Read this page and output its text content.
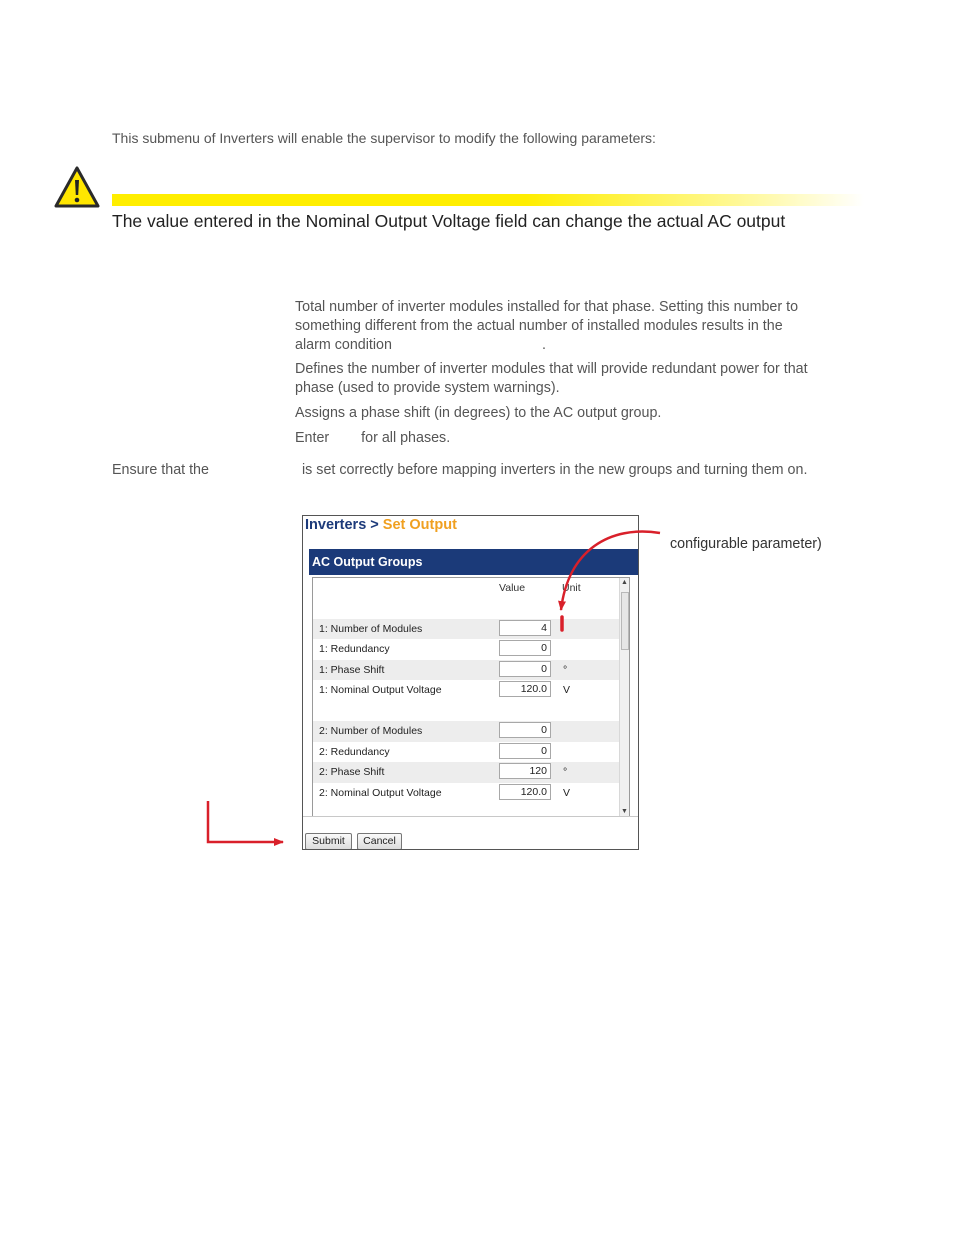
This submenu of Inverters will enable the supervisor to modify the following parameters:
The value entered in the Nominal Output Voltage field can change the actual AC output
Total number of inverter modules installed for that phase. Setting this number to
something different from the actual number of installed modules results in the
alarm condition	.
Defines the number of inverter modules that will provide redundant power for that
phase (used to provide system warnings).
Assigns a phase shift (in degrees) to the AC output group.
Enter for all phases.
Ensure that the	is set correctly before mapping inverters in the new groups and turning them on.
Inverters > Set Output
AC Output Groups
Value	Unit
1: Number of Modules	4
1: Redundancy	0
1: Phase Shift	0	°
1: Nominal Output Voltage	120.0	V
2: Number of Modules	0
2: Redundancy	0
2: Phase Shift	120	°
2: Nominal Output Voltage	120.0	V
▲
▼
Submit	Cancel
configurable parameter)
